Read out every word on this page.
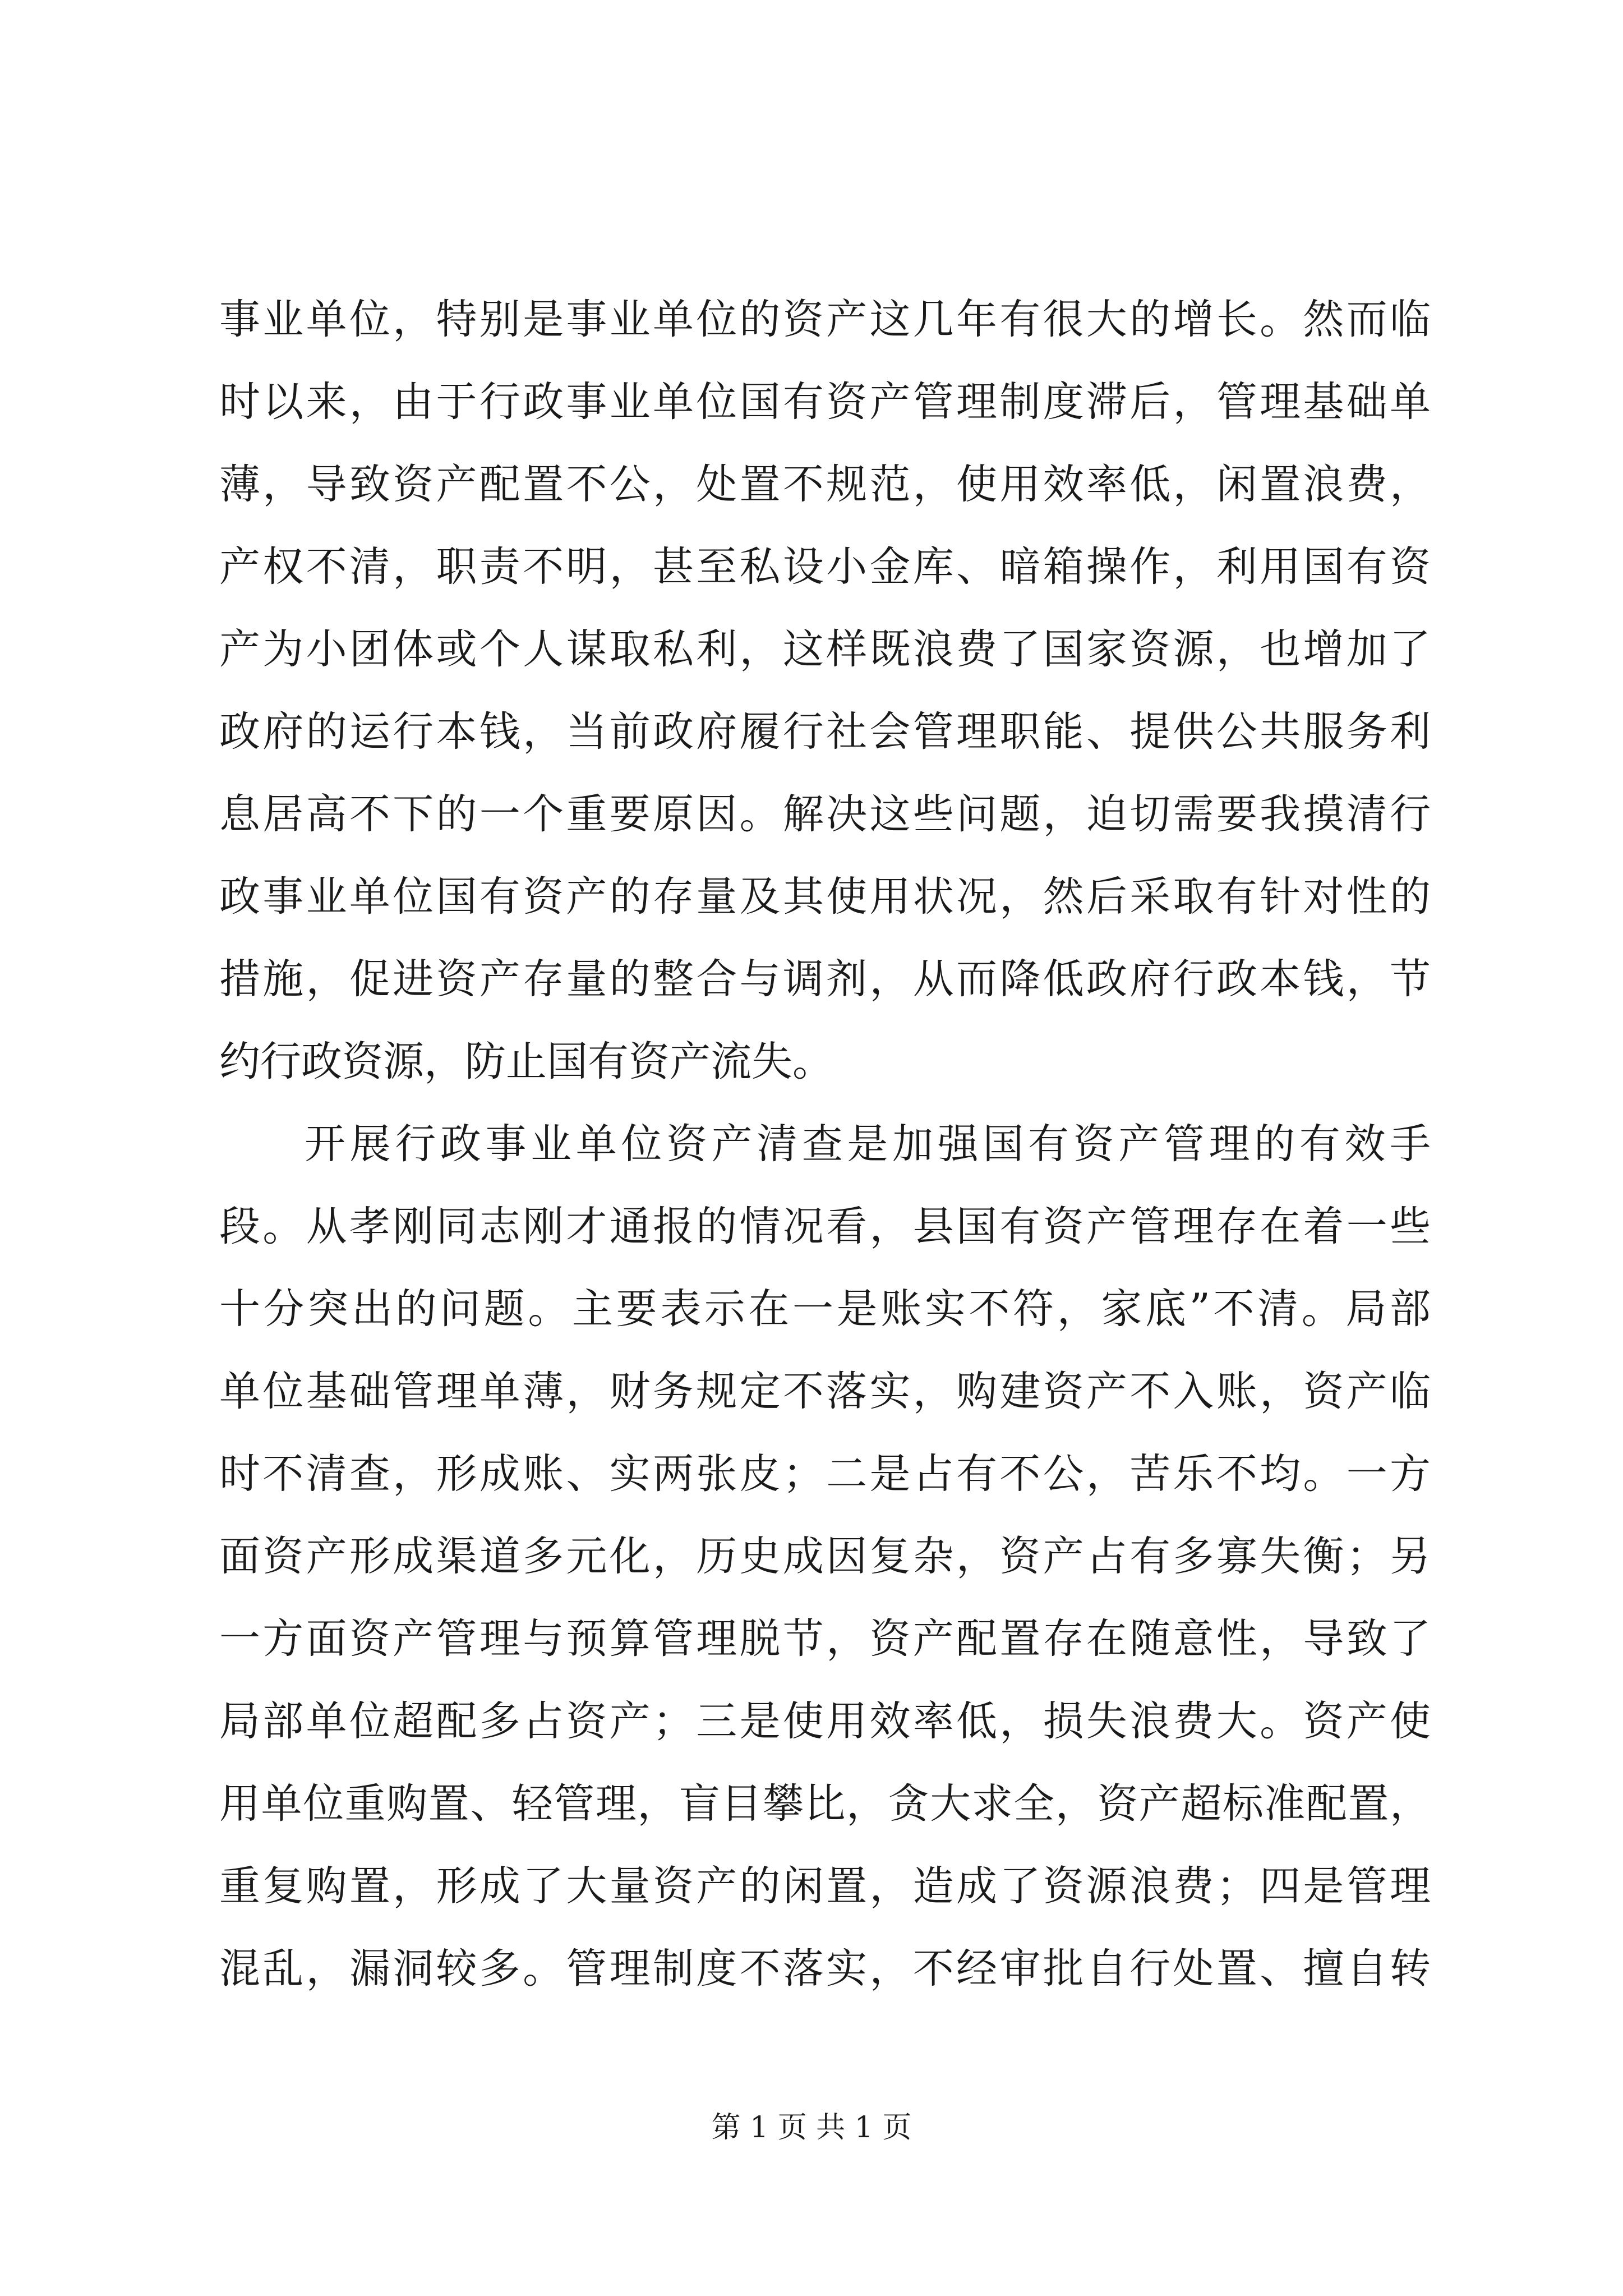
事业单位，特别是事业单位的资产这几年有很大的增长。然而临
时以来，由于行政事业单位国有资产管理制度滞后，管理基础单
薄，导致资产配置不公，处置不规范，使用效率低，闲置浪费，
产权不清，职责不明，甚至私设小金库、暗箱操作，利用国有资
产为小团体或个人谋取私利，这样既浪费了国家资源，也增加了
政府的运行本钱，当前政府履行社会管理职能、提供公共服务利
息居高不下的一个重要原因。解决这些问题，迫切需要我摸清行
政事业单位国有资产的存量及其使用状况，然后采取有针对性的
措施，促进资产存量的整合与调剂，从而降低政府行政本钱，节
约行政资源，防止国有资产流失。
开展行政事业单位资产清查是加强国有资产管理的有效手
段。从孝刚同志刚才通报的情况看，县国有资产管理存在着一些
十分突出的问题。主要表示在一是账实不符，家底”不清。局部
单位基础管理单薄，财务规定不落实，购建资产不入账，资产临
时不清查，形成账、实两张皮；二是占有不公，苦乐不均。一方
面资产形成渠道多元化，历史成因复杂，资产占有多寡失衡；另
一方面资产管理与预算管理脱节，资产配置存在随意性，导致了
局部单位超配多占资产；三是使用效率低，损失浪费大。资产使
用单位重购置、轻管理，盲目攀比，贪大求全，资产超标准配置，
重复购置，形成了大量资产的闲置，造成了资源浪费；四是管理
混乱，漏洞较多。管理制度不落实，不经审批自行处置、擅自转
第 1 页 共 1 页
